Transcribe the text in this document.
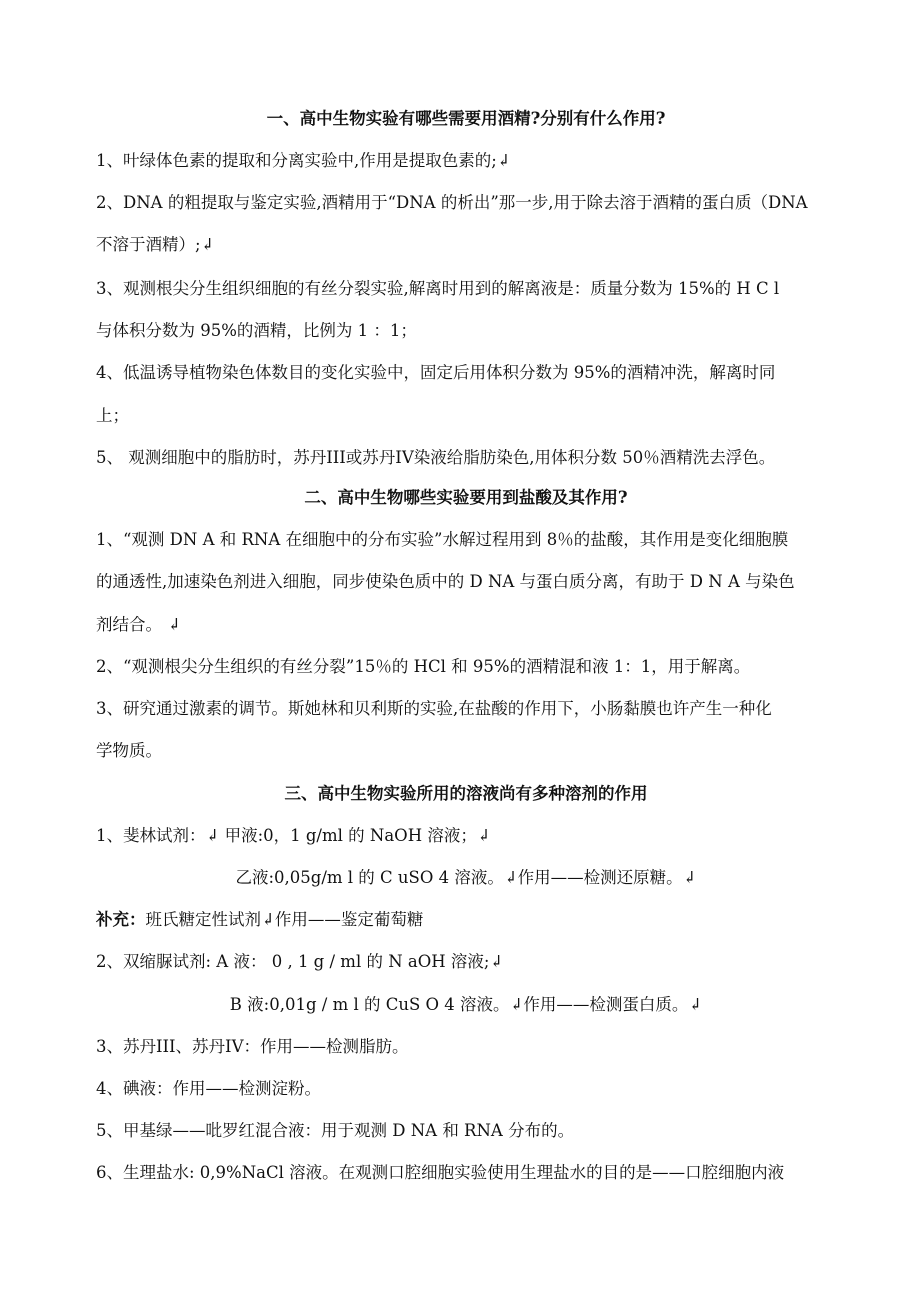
一、高中生物实验有哪些需要用酒精?分别有什么作用?
1、叶绿体色素的提取和分离实验中,作用是提取色素的;↲
2、DNA 的粗提取与鉴定实验,酒精用于“DNA 的析出”那一步,用于除去溶于酒精的蛋白质（DNA
不溶于酒精）;↲
3、观测根尖分生组织细胞的有丝分裂实验,解离时用到的解离液是：质量分数为 15%的 H C l
与体积分数为 95%的酒精，比例为 1 ：1；
4、低温诱导植物染色体数目的变化实验中，固定后用体积分数为 95%的酒精冲洗，解离时同
上；
5、 观测细胞中的脂肪时，苏丹III或苏丹IV染液给脂肪染色,用体积分数 50％酒精洗去浮色。
二、高中生物哪些实验要用到盐酸及其作用?
1、“观测 DN A 和 RNA 在细胞中的分布实验”水解过程用到 8％的盐酸，其作用是变化细胞膜
的通透性,加速染色剂进入细胞，同步使染色质中的 D NA 与蛋白质分离，有助于 D N A 与染色
剂结合。 ↲
2、“观测根尖分生组织的有丝分裂”15％的 HCl 和 95%的酒精混和液 1：1，用于解离。
3、研究通过激素的调节。斯她林和贝利斯的实验,在盐酸的作用下，小肠黏膜也许产生一种化
学物质。
三、高中生物实验所用的溶液尚有多种溶剂的作用
1、斐林试剂：↲ 甲液:0，1 g/ml 的 NaOH 溶液；↲
乙液:0,05g/m l 的 C uSO 4 溶液。↲作用——检测还原糖。↲
补充：班氏糖定性试剂↲作用——鉴定葡萄糖
2、双缩脲试剂: A 液： 0 , 1 g / ml 的 N aOH 溶液;↲
B 液:0,01g / m l 的 CuS O 4 溶液。↲作用——检测蛋白质。↲
3、苏丹III、苏丹IV：作用——检测脂肪。
4、碘液：作用——检测淀粉。
5、甲基绿——吡罗红混合液：用于观测 D NA 和 RNA 分布的。
6、生理盐水: 0,9%NaCl 溶液。在观测口腔细胞实验使用生理盐水的目的是——口腔细胞内液
